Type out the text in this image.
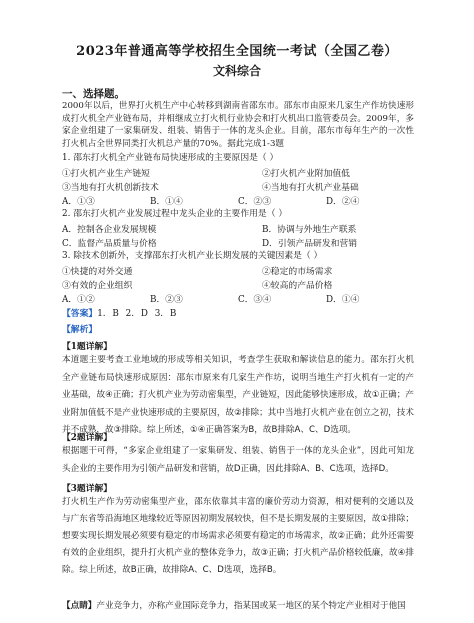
2023年普通高等学校招生全国统一考试（全国乙卷）
文科综合
一、选择题。
2000年以后，世界打火机生产中心转移到湖南省邵东市。邵东市由原来几家生产作坊快速形成打火机全产业链布局，并相继成立打火机行业协会和打火机出口监管委员会。2009年，多家企业组建了一家集研发、组装、销售于一体的龙头企业。目前，邵东市每年生产的一次性打火机占全世界同类打火机总产量的70%。据此完成1-3题
1. 邵东打火机全产业链布局快速形成的主要原因是（ ）
①打火机产业生产链短	②打火机产业附加值低
③当地有打火机创新技术	④当地有打火机产业基础
A．①③	B．①④	C．②③	D．②④
2. 邵东打火机产业发展过程中龙头企业的主要作用是（ ）
A．控制各企业发展规模	B．协调与外地生产联系
C．监督产品质量与价格	D．引领产品研发和营销
3. 除技术创新外，支撑邵东打火机产业长期发展的关键因素是（ ）
①快捷的对外交通	②稳定的市场需求
③有效的企业组织	④较高的产品价格
A．①②	B．②③	C．③④	D．①④
【答案】1. B 2. D 3. B
【解析】
【1题详解】
本道题主要考查工业地域的形成等相关知识，考查学生获取和解读信息的能力。邵东打火机全产业链布局快速形成原因：邵东市原来有几家生产作坊，说明当地生产打火机有一定的产业基础，故④正确；打火机产业为劳动密集型，产业链短，因此能够快速形成，故①正确；产业附加值低不是产业快速形成的主要原因，故②排除；其中当地打火机产业在创立之初，技术并不成熟，故③排除。综上所述，①④正确答案为B，故B排除A、C、D选项。
【2题详解】
根据题干可得，“多家企业组建了一家集研发、组装、销售于一体的龙头企业”，因此可知龙头企业的主要作用为引领产品研发和营销，故D正确，因此排除A、B、C选项，选择D。
【3题详解】
打火机生产作为劳动密集型产业，邵东依靠其丰富的廉价劳动力资源，相对便利的交通以及与广东省等沿海地区地缘较近等原因初期发展较快，但不是长期发展的主要原因，故①排除；想要实现长期发展必须要有稳定的市场需求必须要有稳定的市场需求，故②正确；此外还需要有效的企业组织，提升打火机产业的整体竞争力，故③正确；打火机产品价格较低廉，故④排除。综上所述，故B正确，故排除A、C、D选项，选择B。
【点睛】产业竞争力，亦称产业国际竞争力，指某国或某一地区的某个特定产业相对于他国
